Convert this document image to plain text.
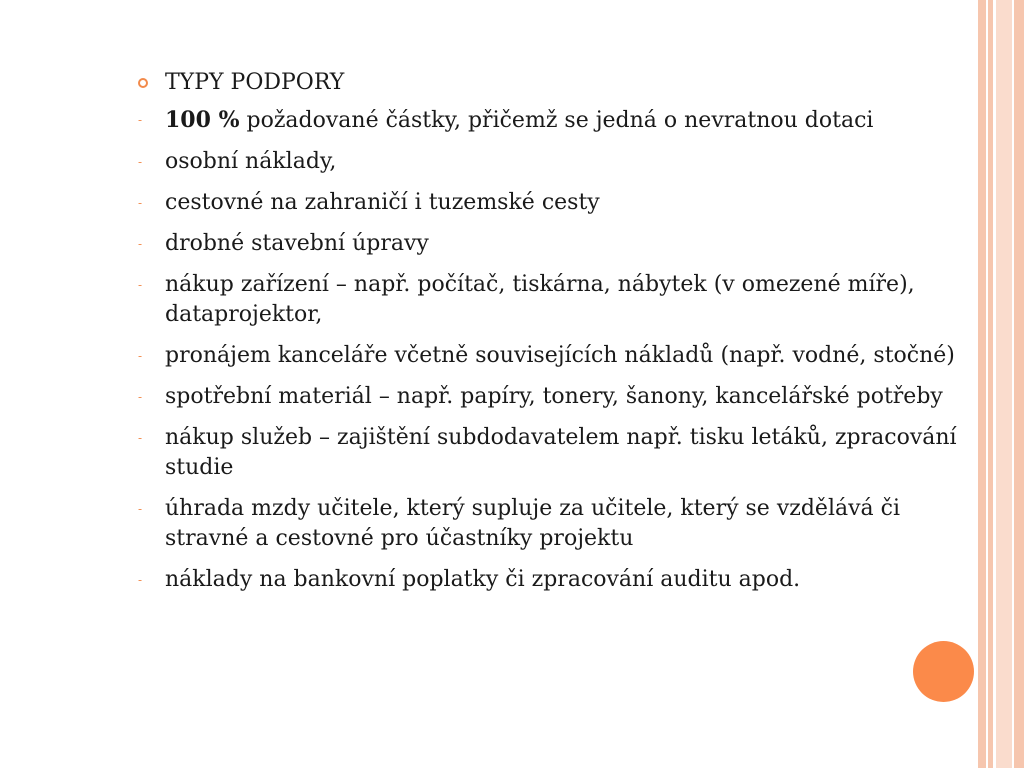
TYPY PODPORY
- 100 % požadované částky, přičemž se jedná o nevratnou dotaci
- osobní náklady,
- cestovné na zahraničí i tuzemské cesty
- drobné stavební úpravy
- nákup zařízení – např. počítač, tiskárna, nábytek (v omezené míře), dataprojektor,
- pronájem kanceláře včetně souvisejících nákladů (např. vodné, stočné)
- spotřební materiál – např. papíry, tonery, šanony, kancelářské potřeby
- nákup služeb – zajištění subdodavatelem např. tisku letáků, zpracování studie
- úhrada mzdy učitele, který supluje za učitele, který se vzdělává či stravné a cestovné pro účastníky projektu
- náklady na bankovní poplatky či zpracování auditu apod.
